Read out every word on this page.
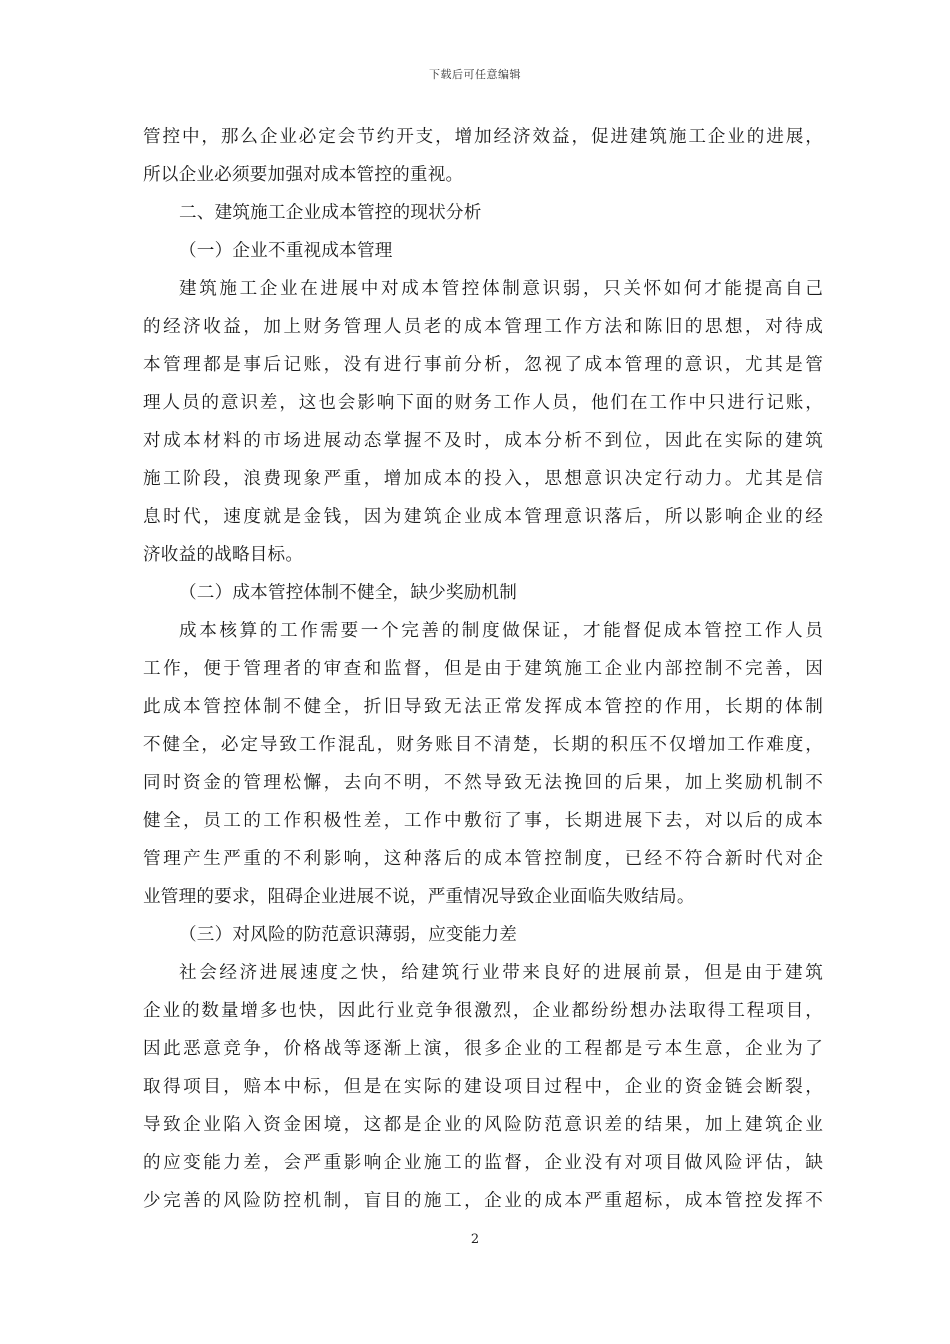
下载后可任意编辑
管控中，那么企业必定会节约开支，增加经济效益，促进建筑施工企业的进展，
所以企业必须要加强对成本管控的重视。
二、建筑施工企业成本管控的现状分析
（一）企业不重视成本管理
建筑施工企业在进展中对成本管控体制意识弱，只关怀如何才能提高自己
的经济收益，加上财务管理人员老的成本管理工作方法和陈旧的思想，对待成
本管理都是事后记账，没有进行事前分析，忽视了成本管理的意识，尤其是管
理人员的意识差，这也会影响下面的财务工作人员，他们在工作中只进行记账，
对成本材料的市场进展动态掌握不及时，成本分析不到位，因此在实际的建筑
施工阶段，浪费现象严重，增加成本的投入，思想意识决定行动力。尤其是信
息时代，速度就是金钱，因为建筑企业成本管理意识落后，所以影响企业的经
济收益的战略目标。
（二）成本管控体制不健全，缺少奖励机制
成本核算的工作需要一个完善的制度做保证，才能督促成本管控工作人员
工作，便于管理者的审查和监督，但是由于建筑施工企业内部控制不完善，因
此成本管控体制不健全，折旧导致无法正常发挥成本管控的作用，长期的体制
不健全，必定导致工作混乱，财务账目不清楚，长期的积压不仅增加工作难度，
同时资金的管理松懈，去向不明，不然导致无法挽回的后果，加上奖励机制不
健全，员工的工作积极性差，工作中敷衍了事，长期进展下去，对以后的成本
管理产生严重的不利影响，这种落后的成本管控制度，已经不符合新时代对企
业管理的要求，阻碍企业进展不说，严重情况导致企业面临失败结局。
（三）对风险的防范意识薄弱，应变能力差
社会经济进展速度之快，给建筑行业带来良好的进展前景，但是由于建筑
企业的数量增多也快，因此行业竞争很激烈，企业都纷纷想办法取得工程项目，
因此恶意竞争，价格战等逐渐上演，很多企业的工程都是亏本生意，企业为了
取得项目，赔本中标，但是在实际的建设项目过程中，企业的资金链会断裂，
导致企业陷入资金困境，这都是企业的风险防范意识差的结果，加上建筑企业
的应变能力差，会严重影响企业施工的监督，企业没有对项目做风险评估，缺
少完善的风险防控机制，盲目的施工，企业的成本严重超标，成本管控发挥不
2
